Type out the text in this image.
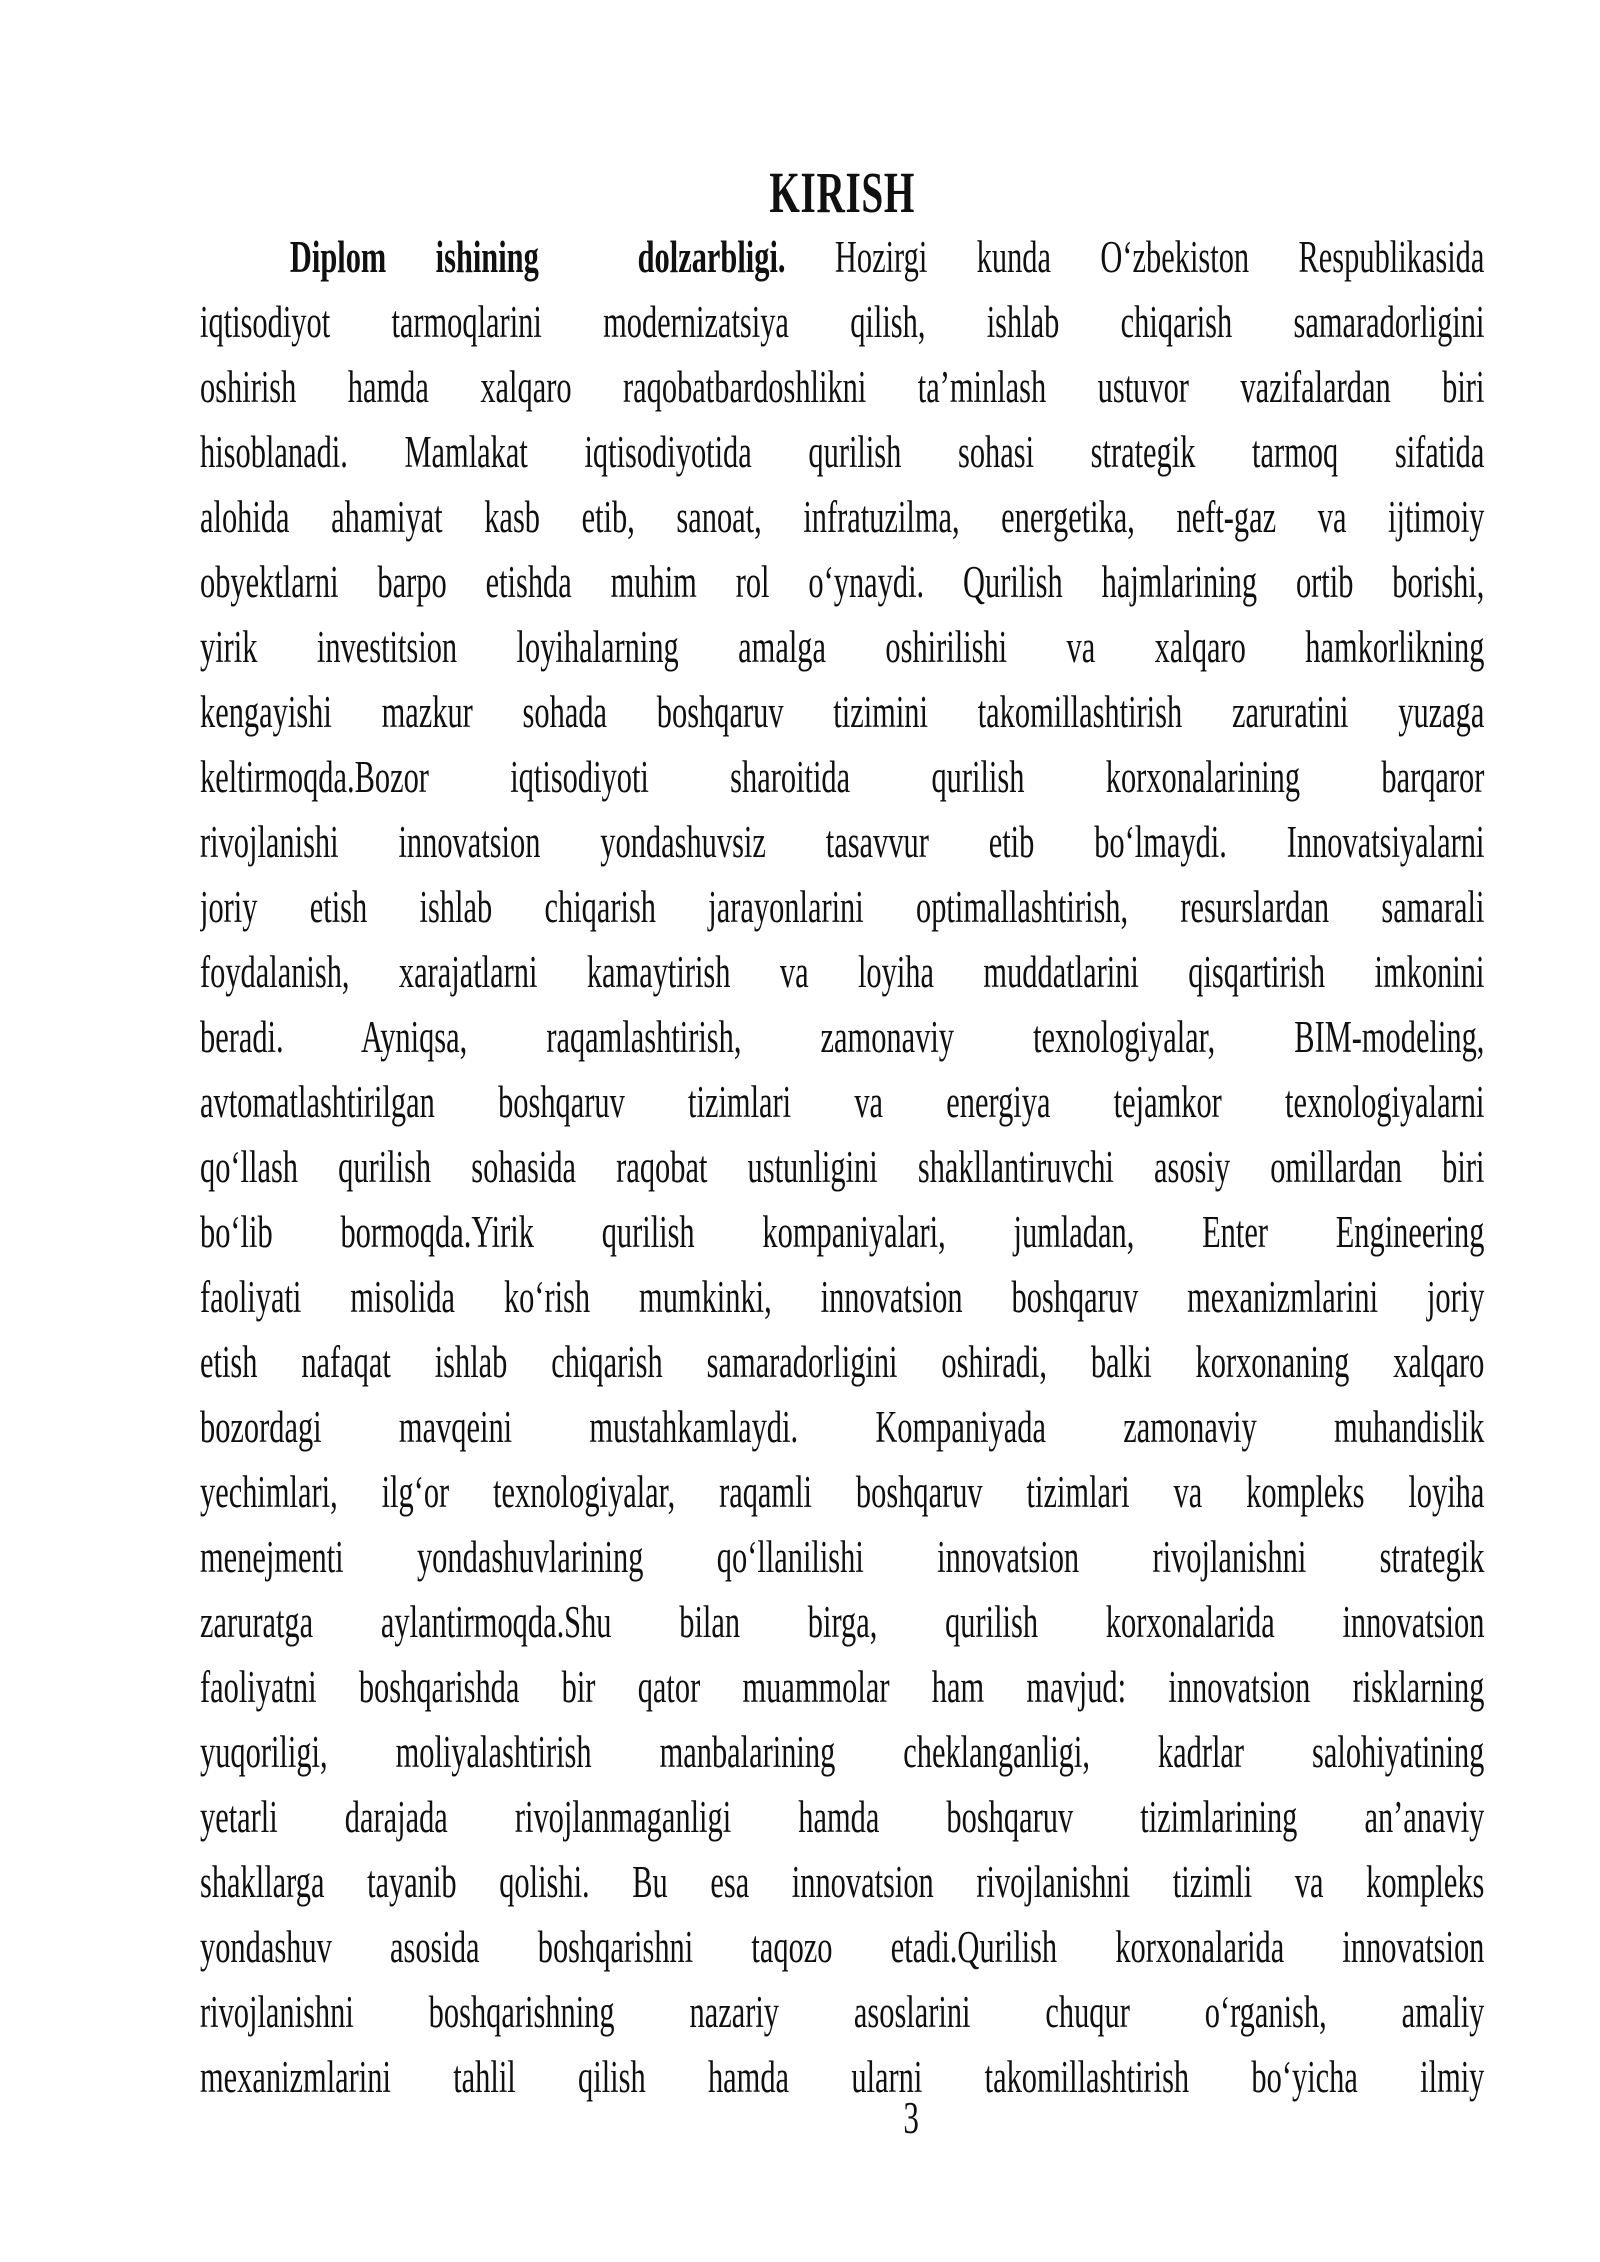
KIRISH
Diplom ishining  dolzarbligi. Hozirgi kunda O‘zbekiston Respublikasida
iqtisodiyot tarmoqlarini modernizatsiya qilish, ishlab chiqarish samaradorligini
oshirish hamda xalqaro raqobatbardoshlikni ta’minlash ustuvor vazifalardan biri
hisoblanadi. Mamlakat iqtisodiyotida qurilish sohasi strategik tarmoq sifatida
alohida ahamiyat kasb etib, sanoat, infratuzilma, energetika, neft-gaz va ijtimoiy
obyektlarni barpo etishda muhim rol o‘ynaydi. Qurilish hajmlarining ortib borishi,
yirik investitsion loyihalarning amalga oshirilishi va xalqaro hamkorlikning
kengayishi mazkur sohada boshqaruv tizimini takomillashtirish zaruratini yuzaga
keltirmoqda.Bozor iqtisodiyoti sharoitida qurilish korxonalarining barqaror
rivojlanishi innovatsion yondashuvsiz tasavvur etib bo‘lmaydi. Innovatsiyalarni
joriy etish ishlab chiqarish jarayonlarini optimallashtirish, resurslardan samarali
foydalanish, xarajatlarni kamaytirish va loyiha muddatlarini qisqartirish imkonini
beradi. Ayniqsa, raqamlashtirish, zamonaviy texnologiyalar, BIM-modeling,
avtomatlashtirilgan boshqaruv tizimlari va energiya tejamkor texnologiyalarni
qo‘llash qurilish sohasida raqobat ustunligini shakllantiruvchi asosiy omillardan biri
bo‘lib bormoqda.Yirik qurilish kompaniyalari, jumladan, Enter Engineering
faoliyati misolida ko‘rish mumkinki, innovatsion boshqaruv mexanizmlarini joriy
etish nafaqat ishlab chiqarish samaradorligini oshiradi, balki korxonaning xalqaro
bozordagi mavqeini mustahkamlaydi. Kompaniyada zamonaviy muhandislik
yechimlari, ilg‘or texnologiyalar, raqamli boshqaruv tizimlari va kompleks loyiha
menejmenti yondashuvlarining qo‘llanilishi innovatsion rivojlanishni strategik
zaruratga aylantirmoqda.Shu bilan birga, qurilish korxonalarida innovatsion
faoliyatni boshqarishda bir qator muammolar ham mavjud: innovatsion risklarning
yuqoriligi, moliyalashtirish manbalarining cheklanganligi, kadrlar salohiyatining
yetarli darajada rivojlanmaganligi hamda boshqaruv tizimlarining an’anaviy
shakllarga tayanib qolishi. Bu esa innovatsion rivojlanishni tizimli va kompleks
yondashuv asosida boshqarishni taqozo etadi.Qurilish korxonalarida innovatsion
rivojlanishni boshqarishning nazariy asoslarini chuqur o‘rganish, amaliy
mexanizmlarini tahlil qilish hamda ularni takomillashtirish bo‘yicha ilmiy
3
